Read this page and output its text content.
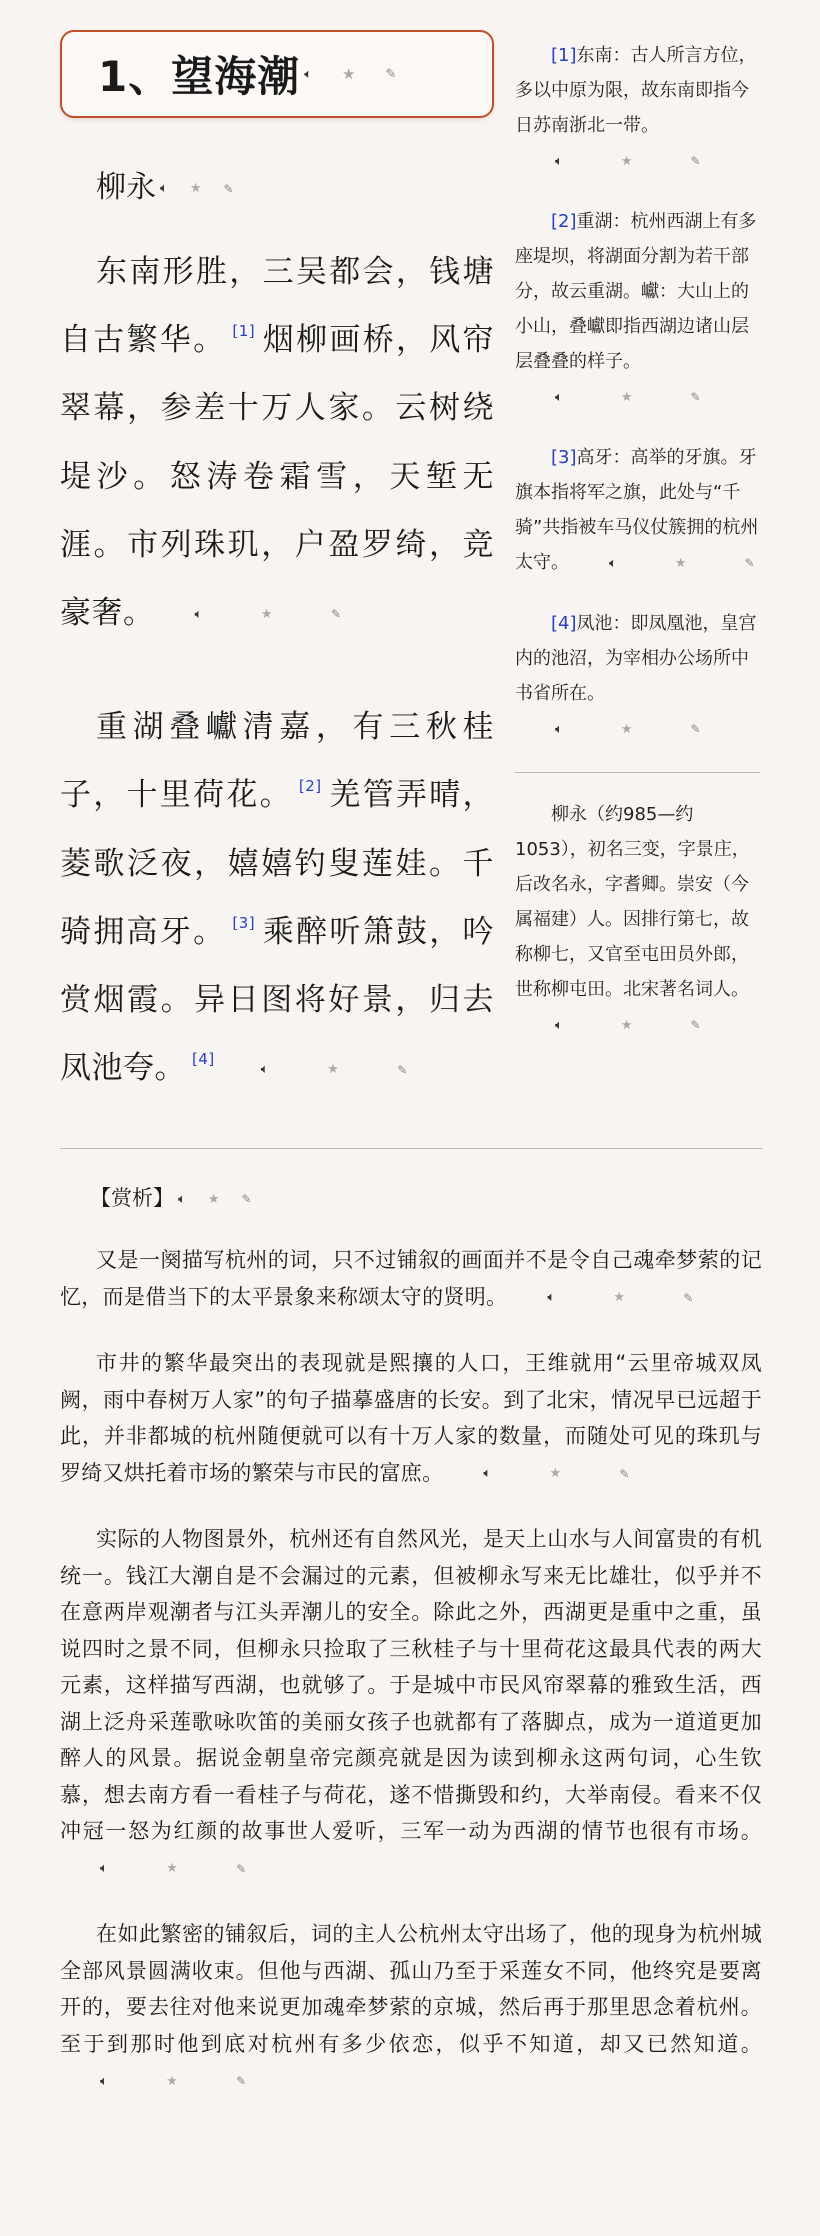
1、望海潮 🔈︎ ★ ✎
柳永 🔈︎ ★ ✎

东南形胜，三吴都会，钱塘自古繁华。 [1] 烟柳画桥，风帘翠幕，参差十万人家。云树绕堤沙。怒涛卷霜雪，天堑无涯。市列珠玑，户盈罗绮，竞豪奢。	🔈︎	★	✎

重湖叠巘清嘉，有三秋桂子，十里荷花。 [2] 羌管弄晴，菱歌泛夜，嬉嬉钓叟莲娃。千骑拥高牙。 [3] 乘醉听箫鼓，吟赏烟霞。异日图将好景，归去凤池夸。 [4]
🔈︎	★	✎

[1]东南：古人所言方位，多以中原为限，故东南即指今日苏南浙北一带。
🔈︎	★	✎

[2]重湖：杭州西湖上有多座堤坝，将湖面分割为若干部分，故云重湖。巘：大山上的小山，叠巘即指西湖边诸山层层叠叠的样子。
🔈︎	★	✎

[3]高牙：高举的牙旗。牙旗本指将军之旗，此处与“千骑”共指被车马仪仗簇拥的杭州太守。	🔈︎	★	✎

[4]凤池：即凤凰池，皇宫内的池沼，为宰相办公场所中书省所在。
🔈︎	★	✎

柳永（约985—约1053），初名三变，字景庄，后改名永，字耆卿。崇安（今属福建）人。因排行第七，故称柳七，又官至屯田员外郎，世称柳屯田。北宋著名词人。
🔈︎	★	✎

【赏析】 🔈︎ ★ ✎

又是一阕描写杭州的词，只不过铺叙的画面并不是令自己魂牵梦萦的记忆，而是借当下的太平景象来称颂太守的贤明。	🔈︎	★	✎

市井的繁华最突出的表现就是熙攘的人口，王维就用“云里帝城双凤阙，雨中春树万人家”的句子描摹盛唐的长安。到了北宋，情况早已远超于此，并非都城的杭州随便就可以有十万人家的数量，而随处可见的珠玑与罗绮又烘托着市场的繁荣与市民的富庶。	🔈︎	★	✎

实际的人物图景外，杭州还有自然风光，是天上山水与人间富贵的有机统一。钱江大潮自是不会漏过的元素，但被柳永写来无比雄壮，似乎并不在意两岸观潮者与江头弄潮儿的安全。除此之外，西湖更是重中之重，虽说四时之景不同，但柳永只捡取了三秋桂子与十里荷花这最具代表的两大元素，这样描写西湖，也就够了。于是城中市民风帘翠幕的雅致生活，西湖上泛舟采莲歌咏吹笛的美丽女孩子也就都有了落脚点，成为一道道更加醉人的风景。据说金朝皇帝完颜亮就是因为读到柳永这两句词，心生钦慕，想去南方看一看桂子与荷花，遂不惜撕毁和约，大举南侵。看来不仅冲冠一怒为红颜的故事世人爱听，三军一动为西湖的情节也很有市场。
🔈︎	★	✎

在如此繁密的铺叙后，词的主人公杭州太守出场了，他的现身为杭州城全部风景圆满收束。但他与西湖、孤山乃至于采莲女不同，他终究是要离开的，要去往对他来说更加魂牵梦萦的京城，然后再于那里思念着杭州。至于到那时他到底对杭州有多少依恋，似乎不知道，却又已然知道。
🔈︎	★	✎
